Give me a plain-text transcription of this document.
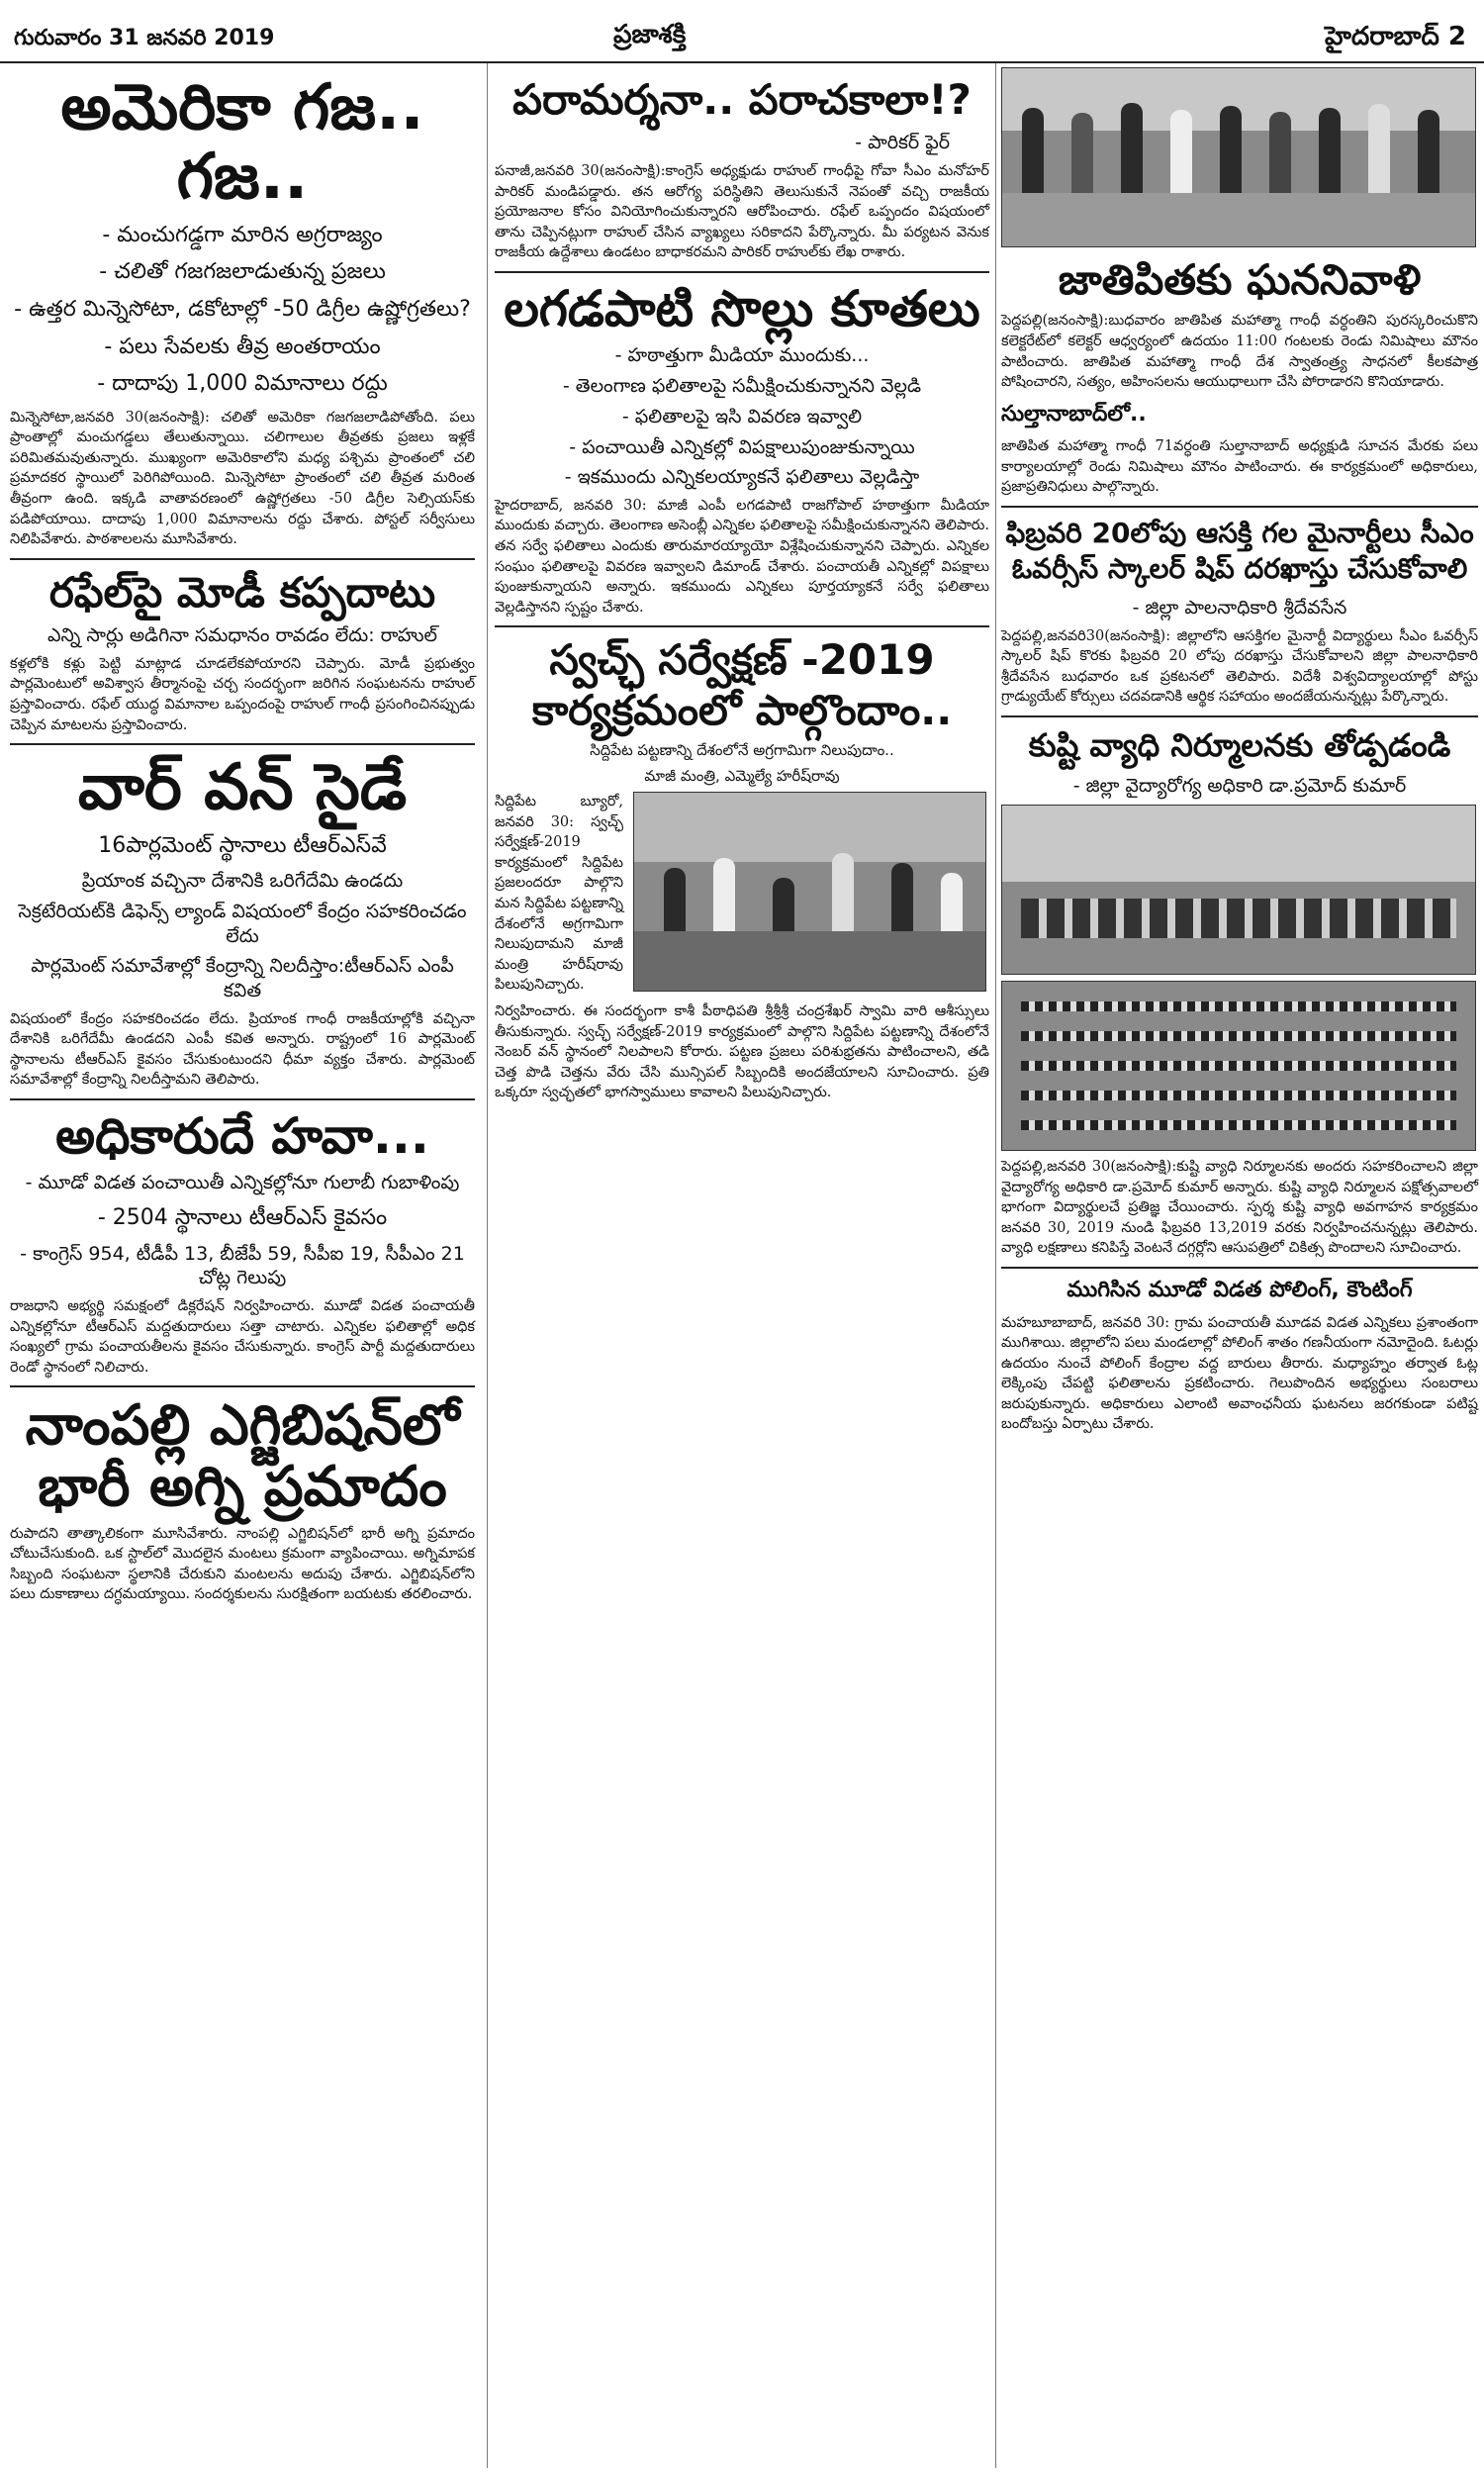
గురువారం 31 జనవరి 2019	ప్రజాశక్తి	హైదరాబాద్ 2
అమెరికా గజ.. గజ..
- మంచుగడ్డగా మారిన అగ్రరాజ్యం
- చలితో గజగజలాడుతున్న ప్రజలు
- ఉత్తర మిన్నెసోటా, డకోటాల్లో -50 డిగ్రీల ఉష్ణోగ్రతలు?
- పలు సేవలకు తీవ్ర అంతరాయం
- దాదాపు 1,000 విమానాలు రద్దు
మిన్నెసోటా,జనవరి 30(జనంసాక్షి): చలితో అమెరికా గజగజలాడిపోతోంది. పలు ప్రాంతాల్లో మంచుగడ్డలు తేలుతున్నాయి. చలిగాలుల తీవ్రతకు ప్రజలు ఇళ్లకే పరిమితమవుతున్నారు. ముఖ్యంగా అమెరికాలోని మధ్య పశ్చిమ ప్రాంతంలో చలి ప్రమాదకర స్థాయిలో పెరిగిపోయింది. మిన్నెసోటా ప్రాంతంలో చలి తీవ్రత మరింత తీవ్రంగా ఉంది. ఇక్కడి వాతావరణంలో ఉష్ణోగ్రతలు -50 డిగ్రీల సెల్సియస్‌కు పడిపోయాయి. దాదాపు 1,000 విమానాలను రద్దు చేశారు. పోస్టల్ సర్వీసులు నిలిపివేశారు. పాఠశాలలను మూసివేశారు.
రఫేల్‌పై మోడీ కప్పదాటు
ఎన్ని సార్లు అడిగినా సమధానం రావడం లేదు: రాహుల్
కళ్లలోకి కళ్లు పెట్టి మాట్లాడ చూడలేకపోయారని చెప్పారు. మోడీ ప్రభుత్వం పార్లమెంటులో అవిశ్వాస తీర్మానంపై చర్చ సందర్భంగా జరిగిన సంఘటనను రాహుల్ ప్రస్తావించారు. రఫేల్ యుద్ధ విమానాల ఒప్పందంపై రాహుల్ గాంధీ ప్రసంగించినప్పుడు చెప్పిన మాటలను ప్రస్తావించారు.
వార్ వన్ సైడే
16పార్లమెంట్ స్థానాలు టీఆర్ఎస్‌వే
ప్రియాంక వచ్చినా దేశానికి ఒరిగేదేమి ఉండదు
సెక్రటేరియట్‌కి డిఫెన్స్ ల్యాండ్ విషయంలో కేంద్రం సహకరించడం లేదు
పార్లమెంట్ సమావేశాల్లో కేంద్రాన్ని నిలదీస్తాం:టీఆర్ఎస్ ఎంపీ కవిత
విషయంలో కేంద్రం సహకరించడం లేదు. ప్రియాంక గాంధీ రాజకీయాల్లోకి వచ్చినా దేశానికి ఒరిగేదేమీ ఉండదని ఎంపీ కవిత అన్నారు. రాష్ట్రంలో 16 పార్లమెంట్ స్థానాలను టీఆర్ఎస్ కైవసం చేసుకుంటుందని ధీమా వ్యక్తం చేశారు. పార్లమెంట్ సమావేశాల్లో కేంద్రాన్ని నిలదీస్తామని తెలిపారు.
అధికారుదే హవా...
- మూడో విడత పంచాయితీ ఎన్నికల్లోనూ గులాబీ గుబాళింపు
- 2504 స్థానాలు టీఆర్ఎస్ కైవసం
- కాంగ్రెస్ 954, టీడీపీ 13, బీజేపీ 59, సీపీఐ 19, సీపీఎం 21 చోట్ల గెలుపు
రాజధాని అభ్యర్థి సమక్షంలో డిక్లరేషన్ నిర్వహించారు. మూడో విడత పంచాయతీ ఎన్నికల్లోనూ టీఆర్ఎస్ మద్దతుదారులు సత్తా చాటారు. ఎన్నికల ఫలితాల్లో అధిక సంఖ్యలో గ్రామ పంచాయతీలను కైవసం చేసుకున్నారు. కాంగ్రెస్ పార్టీ మద్దతుదారులు రెండో స్థానంలో నిలిచారు.
నాంపల్లి ఎగ్జిబిషన్‌లో భారీ అగ్ని ప్రమాదం
రుపాదని తాత్కాలికంగా మూసివేశారు. నాంపల్లి ఎగ్జిబిషన్‌లో భారీ అగ్ని ప్రమాదం చోటుచేసుకుంది. ఒక స్టాల్‌లో మొదలైన మంటలు క్రమంగా వ్యాపించాయి. అగ్నిమాపక సిబ్బంది సంఘటనా స్థలానికి చేరుకుని మంటలను అదుపు చేశారు. ఎగ్జిబిషన్‌లోని పలు దుకాణాలు దగ్ధమయ్యాయి. సందర్శకులను సురక్షితంగా బయటకు తరలించారు.
పరామర్శనా.. పరాచకాలా!?
- పారికర్ ఫైర్
పనాజీ,జనవరి 30(జనంసాక్షి):కాంగ్రెస్ అధ్యక్షుడు రాహుల్ గాంధీపై గోవా సీఎం మనోహర్ పారికర్ మండిపడ్డారు. తన ఆరోగ్య పరిస్థితిని తెలుసుకునే నెపంతో వచ్చి రాజకీయ ప్రయోజనాల కోసం వినియోగించుకున్నారని ఆరోపించారు. రఫేల్ ఒప్పందం విషయంలో తాను చెప్పినట్లుగా రాహుల్ చేసిన వ్యాఖ్యలు సరికాదని పేర్కొన్నారు. మీ పర్యటన వెనుక రాజకీయ ఉద్దేశాలు ఉండటం బాధాకరమని పారికర్ రాహుల్‌కు లేఖ రాశారు.
లగడపాటి సొల్లు కూతలు
- హఠాత్తుగా మీడియా ముందుకు...
- తెలంగాణ ఫలితాలపై సమీక్షించుకున్నానని వెల్లడి
- ఫలితాలపై ఇసి వివరణ ఇవ్వాలి
- పంచాయితీ ఎన్నికల్లో విపక్షాలుపుంజుకున్నాయి
- ఇకముందు ఎన్నికలయ్యాకనే ఫలితాలు వెల్లడిస్తా
హైదరాబాద్, జనవరి 30: మాజీ ఎంపీ లగడపాటి రాజగోపాల్ హఠాత్తుగా మీడియా ముందుకు వచ్చారు. తెలంగాణ అసెంబ్లీ ఎన్నికల ఫలితాలపై సమీక్షించుకున్నానని తెలిపారు. తన సర్వే ఫలితాలు ఎందుకు తారుమారయ్యాయో విశ్లేషించుకున్నానని చెప్పారు. ఎన్నికల సంఘం ఫలితాలపై వివరణ ఇవ్వాలని డిమాండ్ చేశారు. పంచాయతీ ఎన్నికల్లో విపక్షాలు పుంజుకున్నాయని అన్నారు. ఇకముందు ఎన్నికలు పూర్తయ్యాకనే సర్వే ఫలితాలు వెల్లడిస్తానని స్పష్టం చేశారు.
స్వచ్ఛ్ సర్వేక్షణ్ -2019 కార్యక్రమంలో పాల్గొందాం..
సిద్దిపేట పట్టణాన్ని దేశంలోనే అగ్రగామిగా నిలుపుదాం..
మాజీ మంత్రి, ఎమ్మెల్యే హరీష్‌రావు
సిద్దిపేట బ్యూరో, జనవరి 30: స్వచ్ఛ్ సర్వేక్షణ్-2019 కార్యక్రమంలో సిద్దిపేట ప్రజలందరూ పాల్గొని మన సిద్దిపేట పట్టణాన్ని దేశంలోనే అగ్రగామిగా నిలుపుదామని మాజీ మంత్రి హరీష్‌రావు పిలుపునిచ్చారు.
నిర్వహించారు. ఈ సందర్భంగా కాశీ పీఠాధిపతి శ్రీశ్రీశ్రీ చంద్రశేఖర్ స్వామి వారి ఆశీస్సులు తీసుకున్నారు. స్వచ్ఛ్ సర్వేక్షణ్-2019 కార్యక్రమంలో పాల్గొని సిద్దిపేట పట్టణాన్ని దేశంలోనే నెంబర్ వన్ స్థానంలో నిలపాలని కోరారు. పట్టణ ప్రజలు పరిశుభ్రతను పాటించాలని, తడి చెత్త పొడి చెత్తను వేరు చేసి మున్సిపల్ సిబ్బందికి అందజేయాలని సూచించారు. ప్రతి ఒక్కరూ స్వచ్ఛతలో భాగస్వాములు కావాలని పిలుపునిచ్చారు.
జాతిపితకు ఘననివాళి
పెద్దపల్లి(జనంసాక్షి):బుధవారం జాతిపిత మహాత్మా గాంధీ వర్ధంతిని పురస్కరించుకొని కలెక్టరేట్‌లో కలెక్టర్ ఆధ్వర్యంలో ఉదయం 11:00 గంటలకు రెండు నిమిషాలు మౌనం పాటించారు. జాతిపిత మహాత్మా గాంధీ దేశ స్వాతంత్ర్య సాధనలో కీలకపాత్ర పోషించారని, సత్యం, అహింసలను ఆయుధాలుగా చేసి పోరాడారని కొనియాడారు.
సుల్తానాబాద్‌లో..
జాతిపిత మహాత్మా గాంధీ 71వర్ధంతి సుల్తానాబాద్ అధ్యక్షుడి సూచన మేరకు పలు కార్యాలయాల్లో రెండు నిమిషాలు మౌనం పాటించారు. ఈ కార్యక్రమంలో అధికారులు, ప్రజాప్రతినిధులు పాల్గొన్నారు.
ఫిబ్రవరి 20లోపు ఆసక్తి గల మైనార్టీలు సీఎం ఓవర్సీస్ స్కాలర్ షిప్ దరఖాస్తు చేసుకోవాలి
- జిల్లా పాలనాధికారి శ్రీదేవసేన
పెద్దపల్లి,జనవరి30(జనంసాక్షి): జిల్లాలోని ఆసక్తిగల మైనార్టీ విద్యార్థులు సీఎం ఓవర్సీస్ స్కాలర్ షిప్ కొరకు ఫిబ్రవరి 20 లోపు దరఖాస్తు చేసుకోవాలని జిల్లా పాలనాధికారి శ్రీదేవసేన బుధవారం ఒక ప్రకటనలో తెలిపారు. విదేశీ విశ్వవిద్యాలయాల్లో పోస్టు గ్రాడ్యుయేట్ కోర్సులు చదవడానికి ఆర్థిక సహాయం అందజేయనున్నట్లు పేర్కొన్నారు.
కుష్టి వ్యాధి నిర్మూలనకు తోడ్పడండి
- జిల్లా వైద్యారోగ్య అధికారి డా.ప్రమోద్ కుమార్
పెద్దపల్లి,జనవరి 30(జనంసాక్షి):కుష్టి వ్యాధి నిర్మూలనకు అందరు సహకరించాలని జిల్లా వైద్యారోగ్య అధికారి డా.ప్రమోద్ కుమార్ అన్నారు. కుష్టి వ్యాధి నిర్మూలన పక్షోత్సవాలలో భాగంగా విద్యార్థులచే ప్రతిజ్ఞ చేయించారు. స్పర్శ కుష్టి వ్యాధి అవగాహన కార్యక్రమం జనవరి 30, 2019 నుండి ఫిబ్రవరి 13,2019 వరకు నిర్వహించనున్నట్లు తెలిపారు. వ్యాధి లక్షణాలు కనిపిస్తే వెంటనే దగ్గర్లోని ఆసుపత్రిలో చికిత్స పొందాలని సూచించారు.
ముగిసిన మూడో విడత పోలింగ్, కౌంటింగ్
మహబూబాబాద్, జనవరి 30: గ్రామ పంచాయతీ మూడవ విడత ఎన్నికలు ప్రశాంతంగా ముగిశాయి. జిల్లాలోని పలు మండలాల్లో పోలింగ్ శాతం గణనీయంగా నమోదైంది. ఓటర్లు ఉదయం నుంచే పోలింగ్ కేంద్రాల వద్ద బారులు తీరారు. మధ్యాహ్నం తర్వాత ఓట్ల లెక్కింపు చేపట్టి ఫలితాలను ప్రకటించారు. గెలుపొందిన అభ్యర్థులు సంబరాలు జరుపుకున్నారు. అధికారులు ఎలాంటి అవాంఛనీయ ఘటనలు జరగకుండా పటిష్ట బందోబస్తు ఏర్పాటు చేశారు.
